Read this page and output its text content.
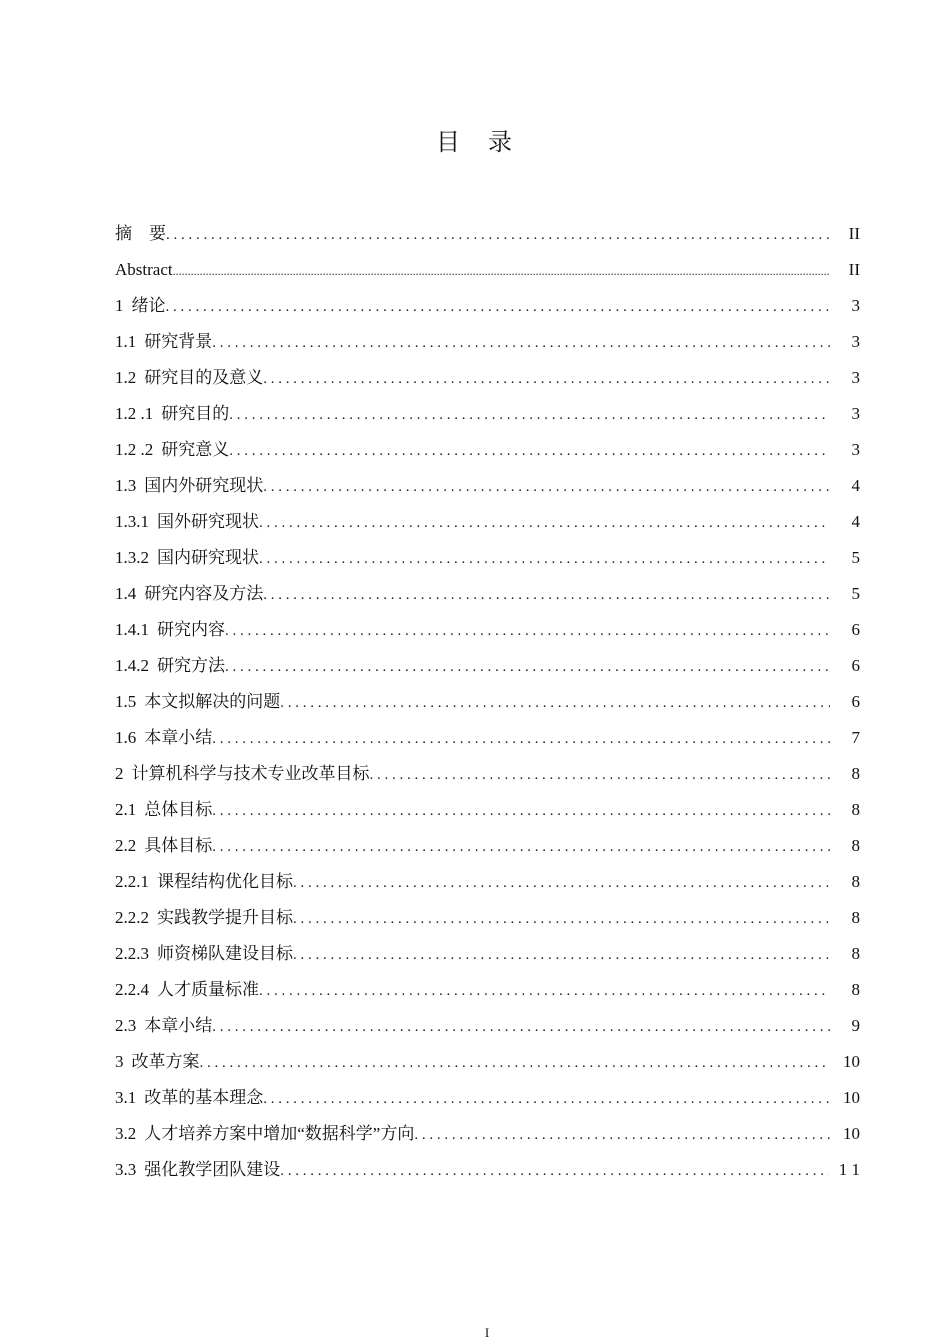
目　录
摘　要 . . .	II
Abstract .....	II
1 绪论 . . .	3
1.1 研究背景 . . .	3
1.2 研究目的及意义 . . .	3
1.2 .1 研究目的 . . .	3
1.2 .2 研究意义 . . .	3
1.3 国内外研究现状 . . .	4
1.3.1 国外研究现状 . . .	4
1.3.2 国内研究现状 . . .	5
1.4 研究内容及方法 . . .	5
1.4.1 研究内容 . . .	6
1.4.2 研究方法 . . .	6
1.5 本文拟解决的问题 . . .	6
1.6 本章小结 . . .	7
2 计算机科学与技术专业改革目标 . . .	8
2.1 总体目标 . . .	8
2.2 具体目标 . . .	8
2.2.1 课程结构优化目标 . . .	8
2.2.2 实践教学提升目标 . . .	8
2.2.3 师资梯队建设目标 . . .	8
2.2.4 人才质量标准 . . .	8
2.3 本章小结 . . .	9
3 改革方案 . . .	10
3.1 改革的基本理念 . . .	10
3.2 人才培养方案中增加“数据科学”方向 . . .	10
3.3 强化教学团队建设 . . .	1 1
I
